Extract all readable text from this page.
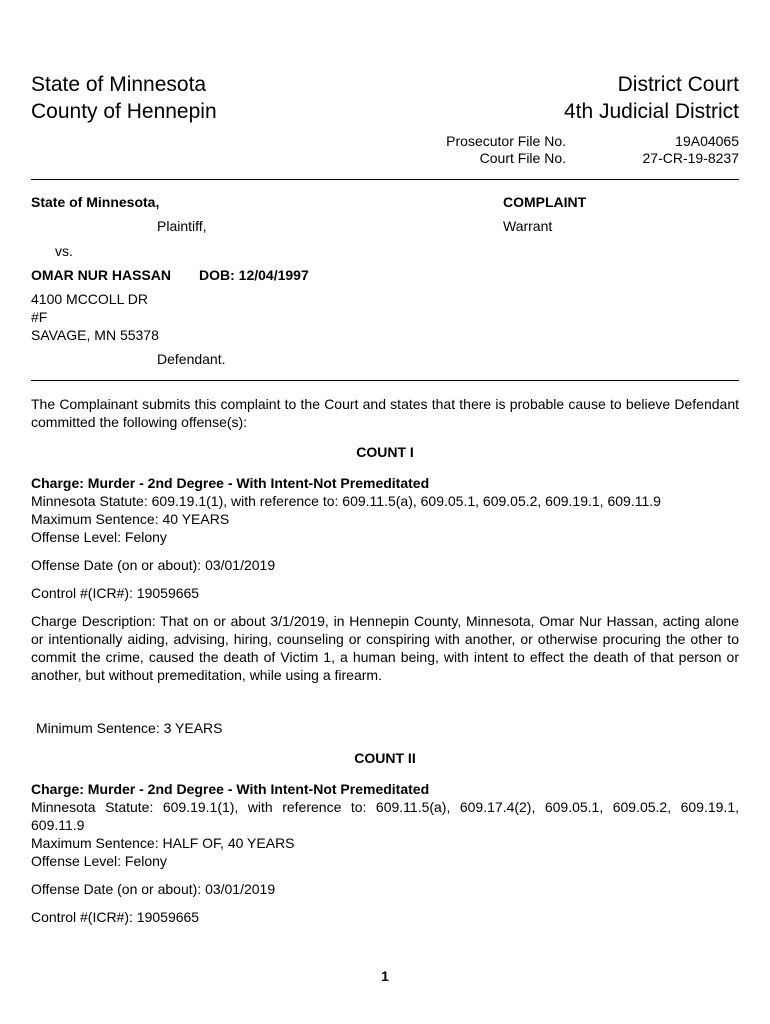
State of Minnesota
County of Hennepin
District Court
4th Judicial District
Prosecutor File No.	19A04065
Court File No.	27-CR-19-8237
State of Minnesota,	COMPLAINT
Plaintiff,	Warrant
vs.
OMAR NUR HASSAN DOB: 12/04/1997
4100 MCCOLL DR
#F
SAVAGE, MN 55378
Defendant.
The Complainant submits this complaint to the Court and states that there is probable cause to believe Defendant committed the following offense(s):
COUNT I
Charge: Murder - 2nd Degree - With Intent-Not Premeditated
Minnesota Statute: 609.19.1(1), with reference to: 609.11.5(a), 609.05.1, 609.05.2, 609.19.1, 609.11.9
Maximum Sentence: 40 YEARS
Offense Level: Felony
Offense Date (on or about): 03/01/2019
Control #(ICR#): 19059665
Charge Description: That on or about 3/1/2019, in Hennepin County, Minnesota, Omar Nur Hassan, acting alone or intentionally aiding, advising, hiring, counseling or conspiring with another, or otherwise procuring the other to commit the crime, caused the death of Victim 1, a human being, with intent to effect the death of that person or another, but without premeditation, while using a firearm.
Minimum Sentence: 3 YEARS
COUNT II
Charge: Murder - 2nd Degree - With Intent-Not Premeditated
Minnesota Statute: 609.19.1(1), with reference to: 609.11.5(a), 609.17.4(2), 609.05.1, 609.05.2, 609.19.1, 609.11.9
Maximum Sentence: HALF OF, 40 YEARS
Offense Level: Felony
Offense Date (on or about): 03/01/2019
Control #(ICR#): 19059665
1
